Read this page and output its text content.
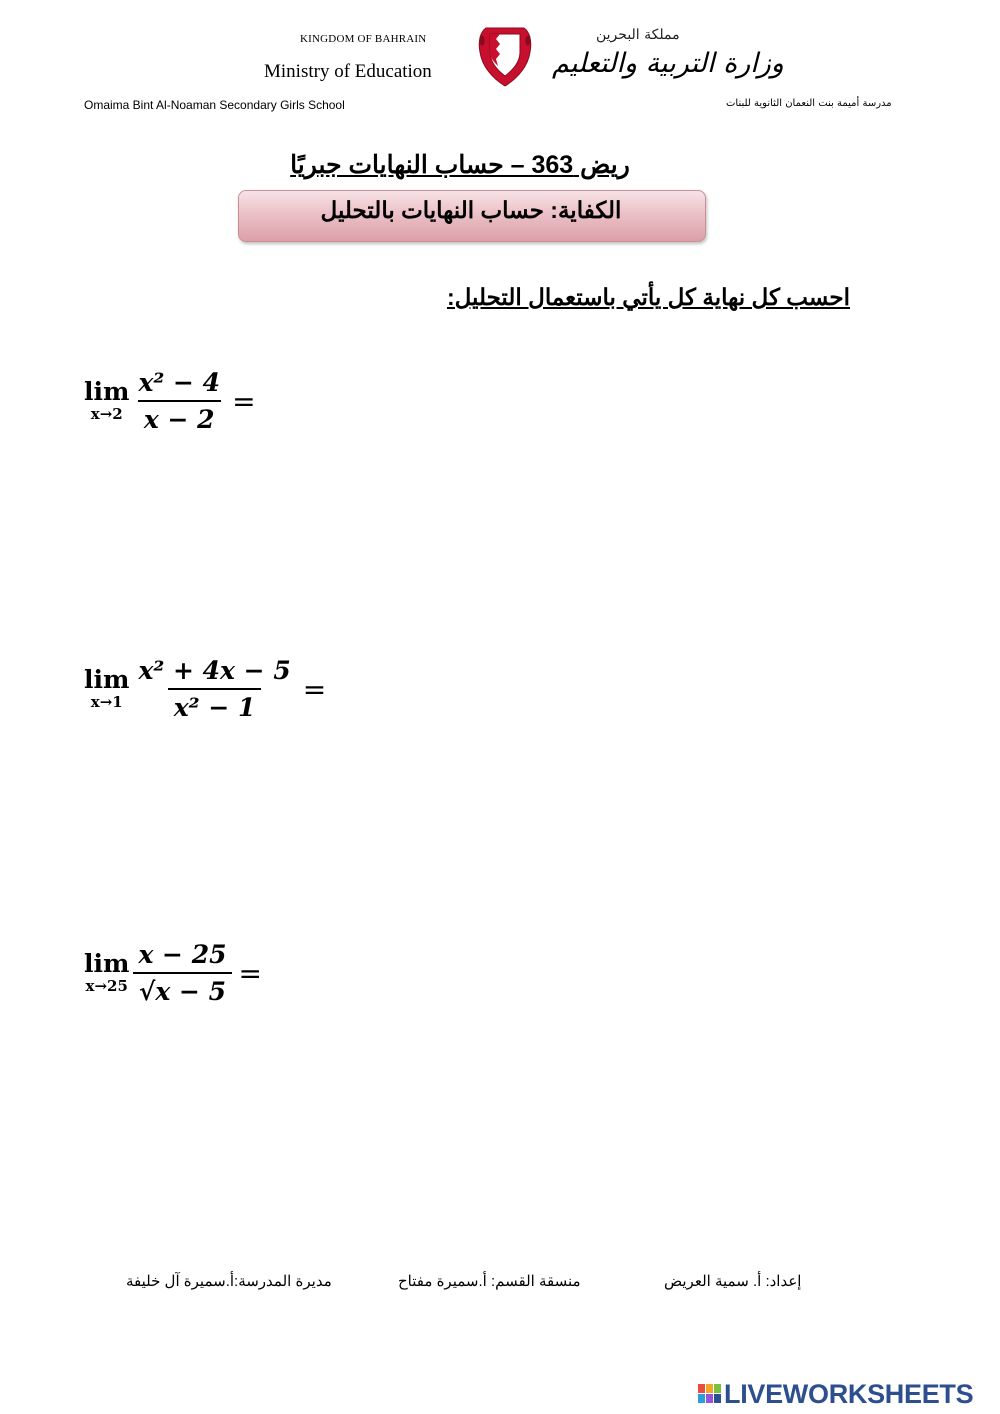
KINGDOM OF BAHRAIN
Ministry of Education
مملكة البحرين
وزارة التربية والتعليم
Omaima Bint Al-Noaman Secondary Girls School	مدرسة أميمة بنت النعمان الثانوية للبنات
ريض 363 – حساب النهايات جبريًا
الكفاية: حساب النهايات بالتحليل
احسب كل نهاية كل يأتي باستعمال التحليل:
lim
$x\to 2 \frac{\text{x² − 4}}{x - 2}$ =
lim
$x\to 1 \frac{\text{x² + 4x − 5}}{\text{x² − 1}}$ =
lim
$x\to 25 \frac{x - 25}{√x - 5}$ =
إعداد: أ. سمية العريض
منسقة القسم: أ.سميرة مفتاح
مديرة المدرسة:أ.سميرة آل خليفة
LIVEWORKSHEETS
